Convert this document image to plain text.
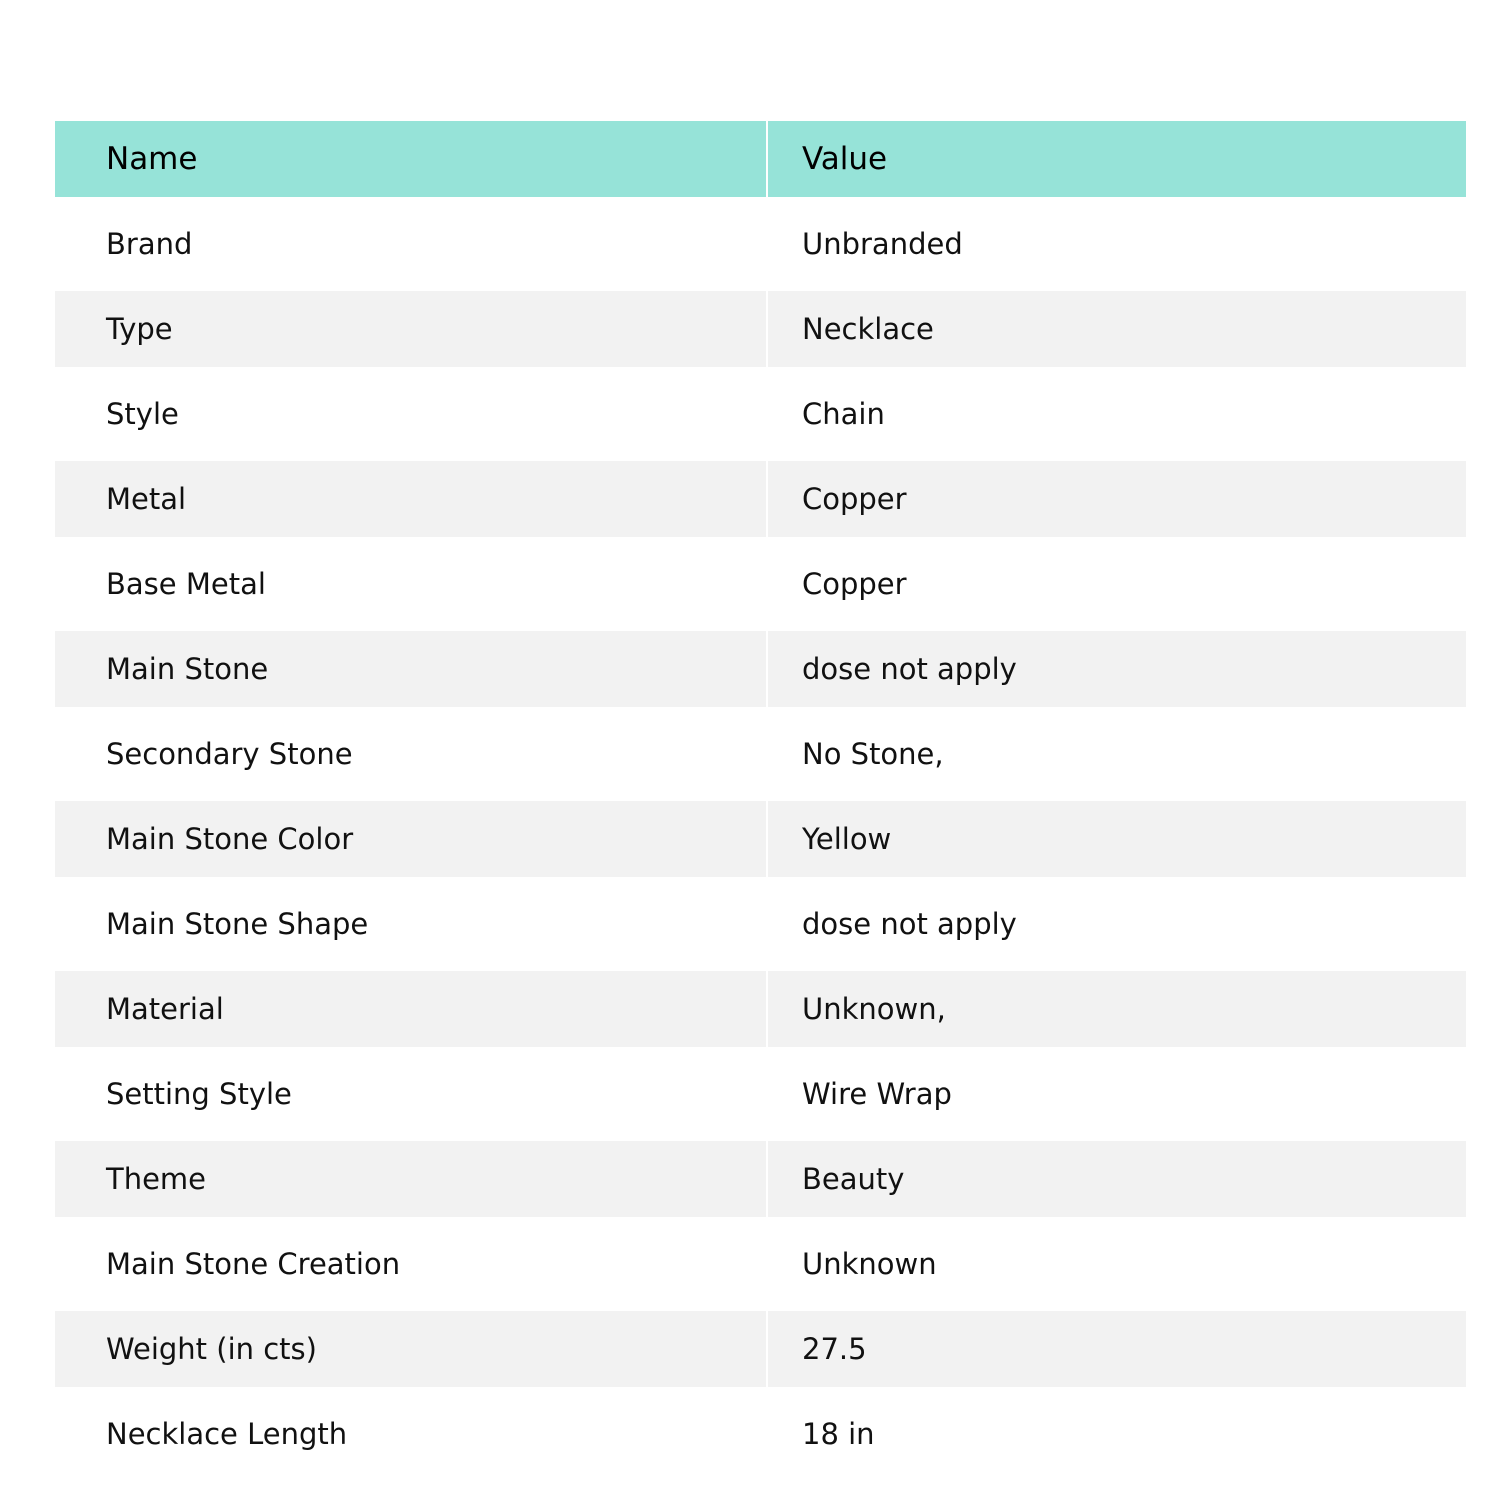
Name	Value
Brand	Unbranded
Type	Necklace
Style	Chain
Metal	Copper
Base Metal	Copper
Main Stone	dose not apply
Secondary Stone	No Stone,
Main Stone Color	Yellow
Main Stone Shape	dose not apply
Material	Unknown,
Setting Style	Wire Wrap
Theme	Beauty
Main Stone Creation	Unknown
Weight (in cts)	27.5
Necklace Length	18 in
